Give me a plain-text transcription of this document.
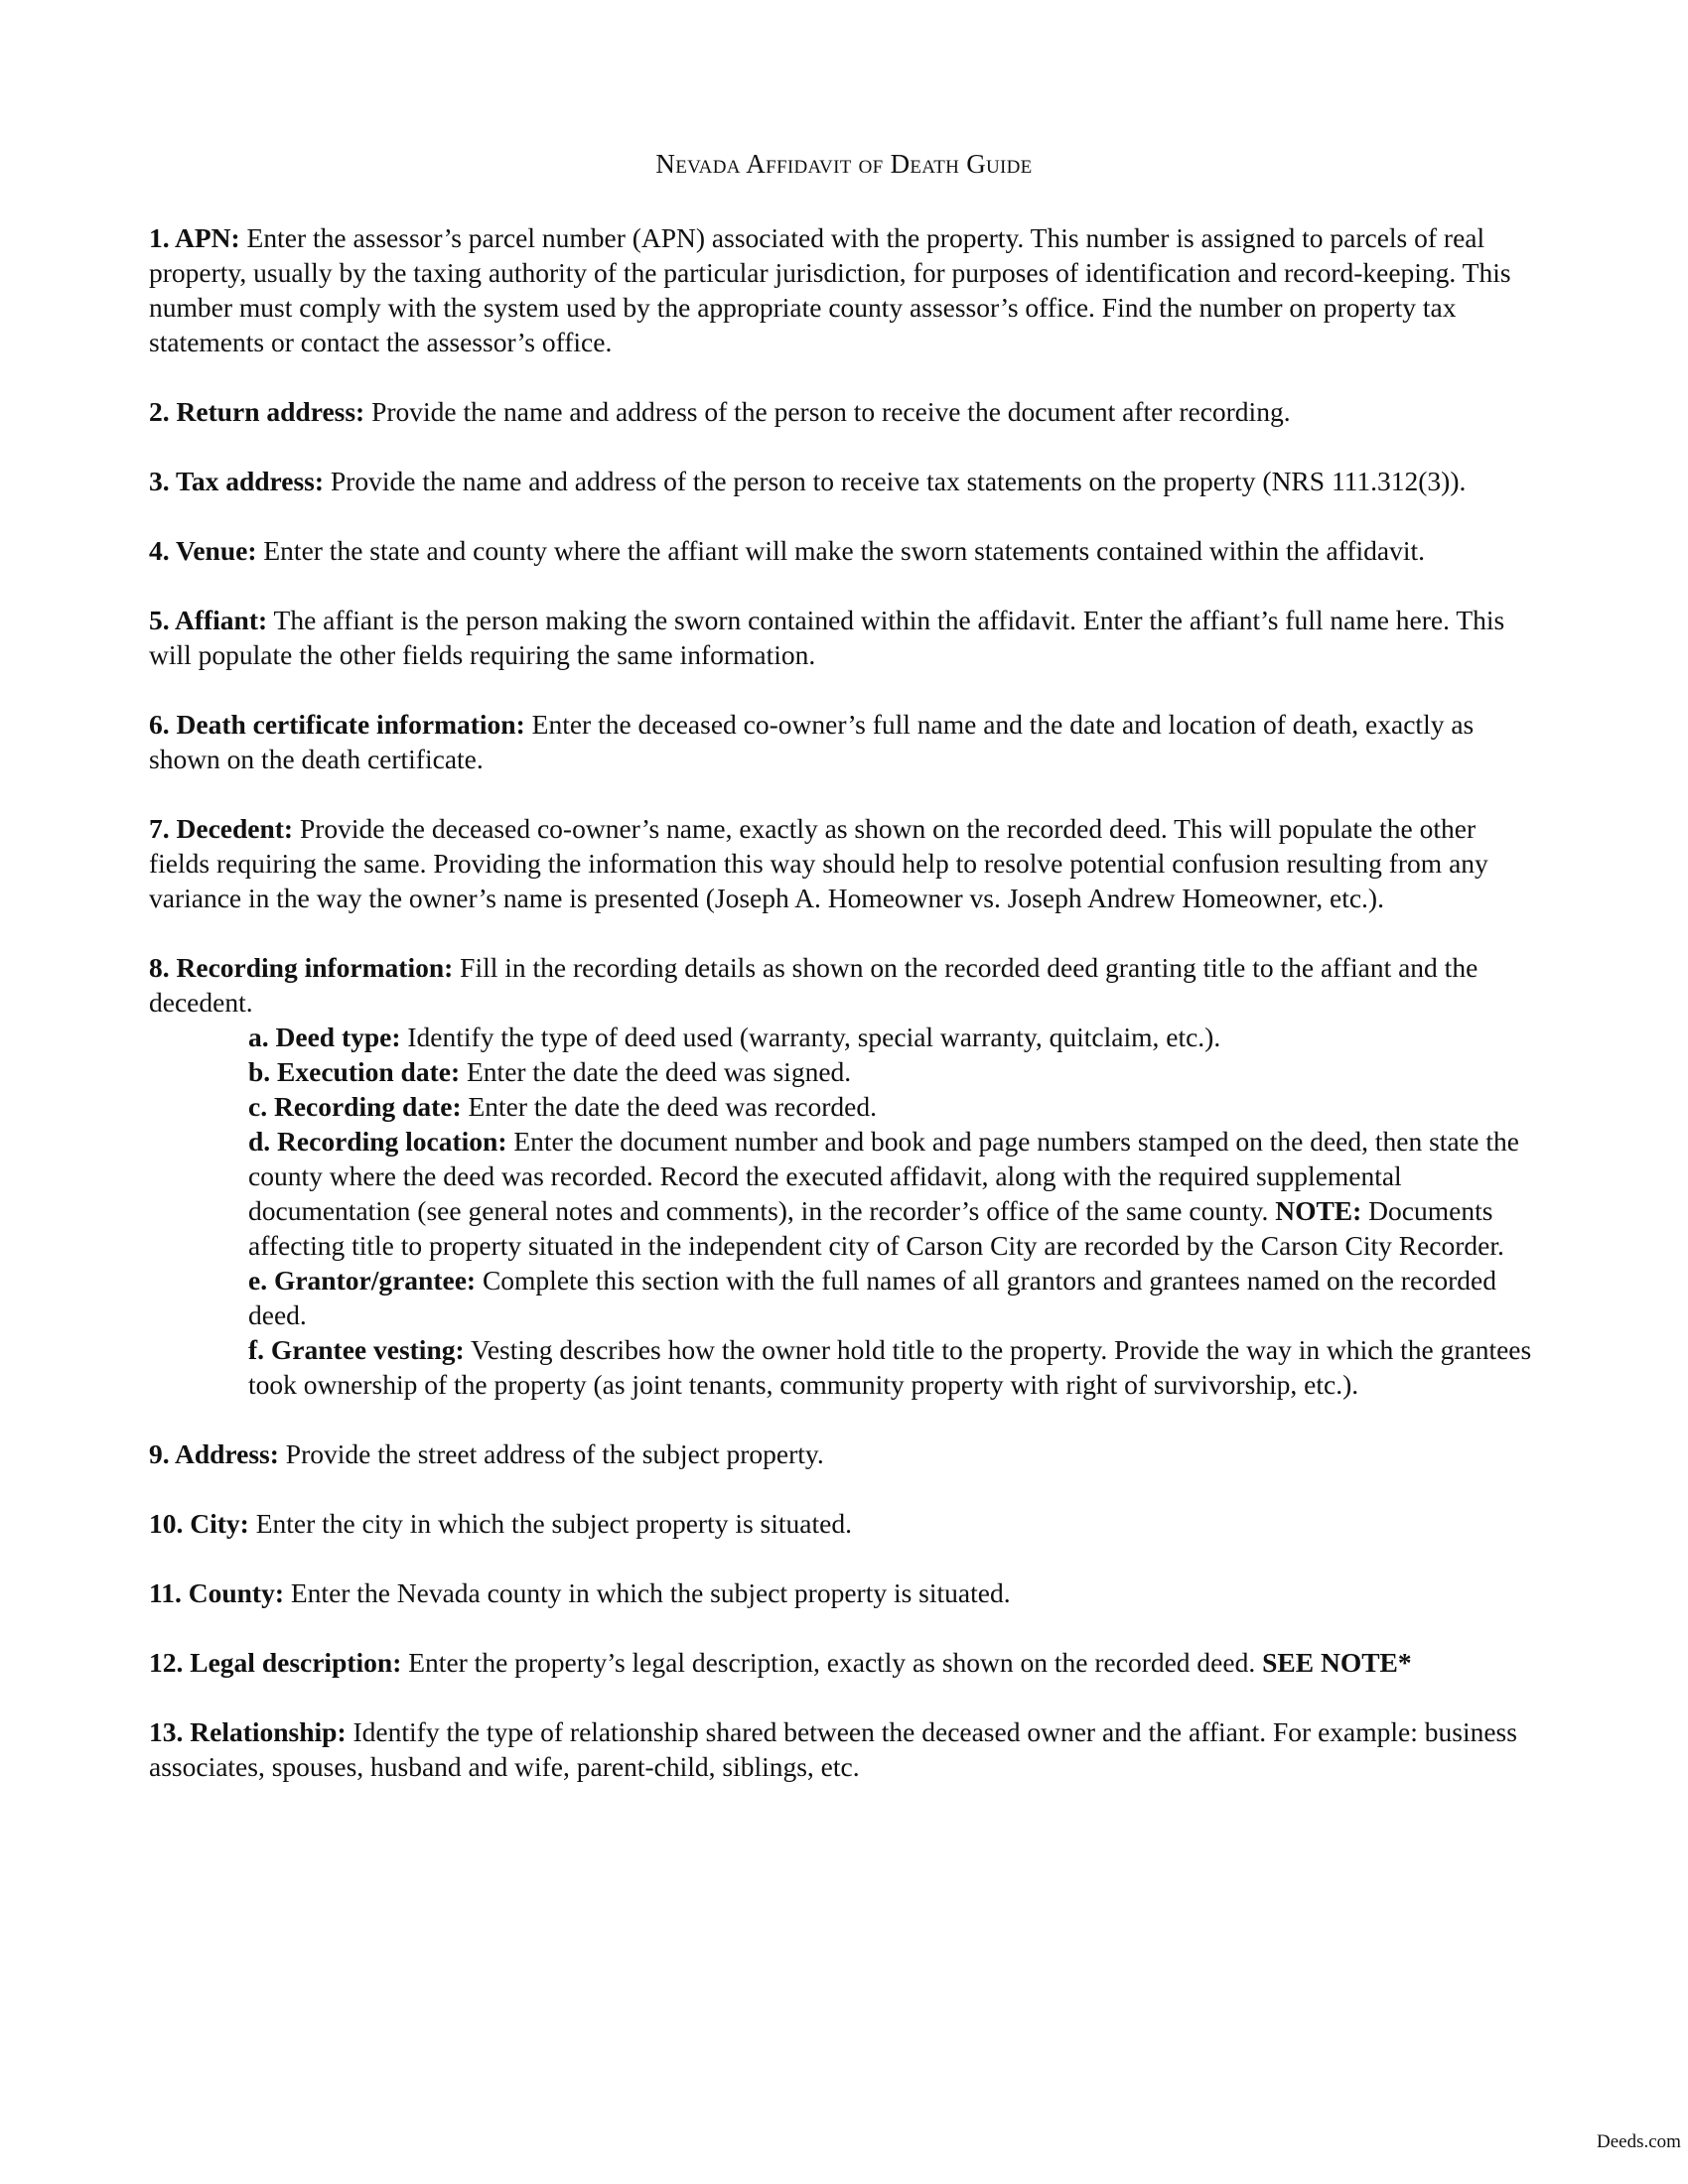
Nevada Affidavit of Death Guide

1. APN: Enter the assessor’s parcel number (APN) associated with the property. This number is assigned to parcels of real property, usually by the taxing authority of the particular jurisdiction, for purposes of identification and record-keeping. This number must comply with the system used by the appropriate county assessor’s office. Find the number on property tax statements or contact the assessor’s office.

2. Return address: Provide the name and address of the person to receive the document after recording.

3. Tax address: Provide the name and address of the person to receive tax statements on the property (NRS 111.312(3)).

4. Venue: Enter the state and county where the affiant will make the sworn statements contained within the affidavit.

5. Affiant: The affiant is the person making the sworn contained within the affidavit. Enter the affiant’s full name here. This will populate the other fields requiring the same information.

6. Death certificate information: Enter the deceased co-owner’s full name and the date and location of death, exactly as shown on the death certificate.

7. Decedent: Provide the deceased co-owner’s name, exactly as shown on the recorded deed. This will populate the other fields requiring the same. Providing the information this way should help to resolve potential confusion resulting from any variance in the way the owner’s name is presented (Joseph A. Homeowner vs. Joseph Andrew Homeowner, etc.).

8. Recording information: Fill in the recording details as shown on the recorded deed granting title to the affiant and the decedent.
a. Deed type: Identify the type of deed used (warranty, special warranty, quitclaim, etc.).
b. Execution date: Enter the date the deed was signed.
c. Recording date: Enter the date the deed was recorded.
d. Recording location: Enter the document number and book and page numbers stamped on the deed, then state the county where the deed was recorded. Record the executed affidavit, along with the required supplemental documentation (see general notes and comments), in the recorder’s office of the same county. NOTE: Documents affecting title to property situated in the independent city of Carson City are recorded by the Carson City Recorder.
e. Grantor/grantee: Complete this section with the full names of all grantors and grantees named on the recorded deed.
f. Grantee vesting: Vesting describes how the owner hold title to the property. Provide the way in which the grantees took ownership of the property (as joint tenants, community property with right of survivorship, etc.).

9. Address: Provide the street address of the subject property.

10. City: Enter the city in which the subject property is situated.

11. County: Enter the Nevada county in which the subject property is situated.

12. Legal description: Enter the property’s legal description, exactly as shown on the recorded deed. SEE NOTE*

13. Relationship: Identify the type of relationship shared between the deceased owner and the affiant. For example: business associates, spouses, husband and wife, parent-child, siblings, etc.

Deeds.com
